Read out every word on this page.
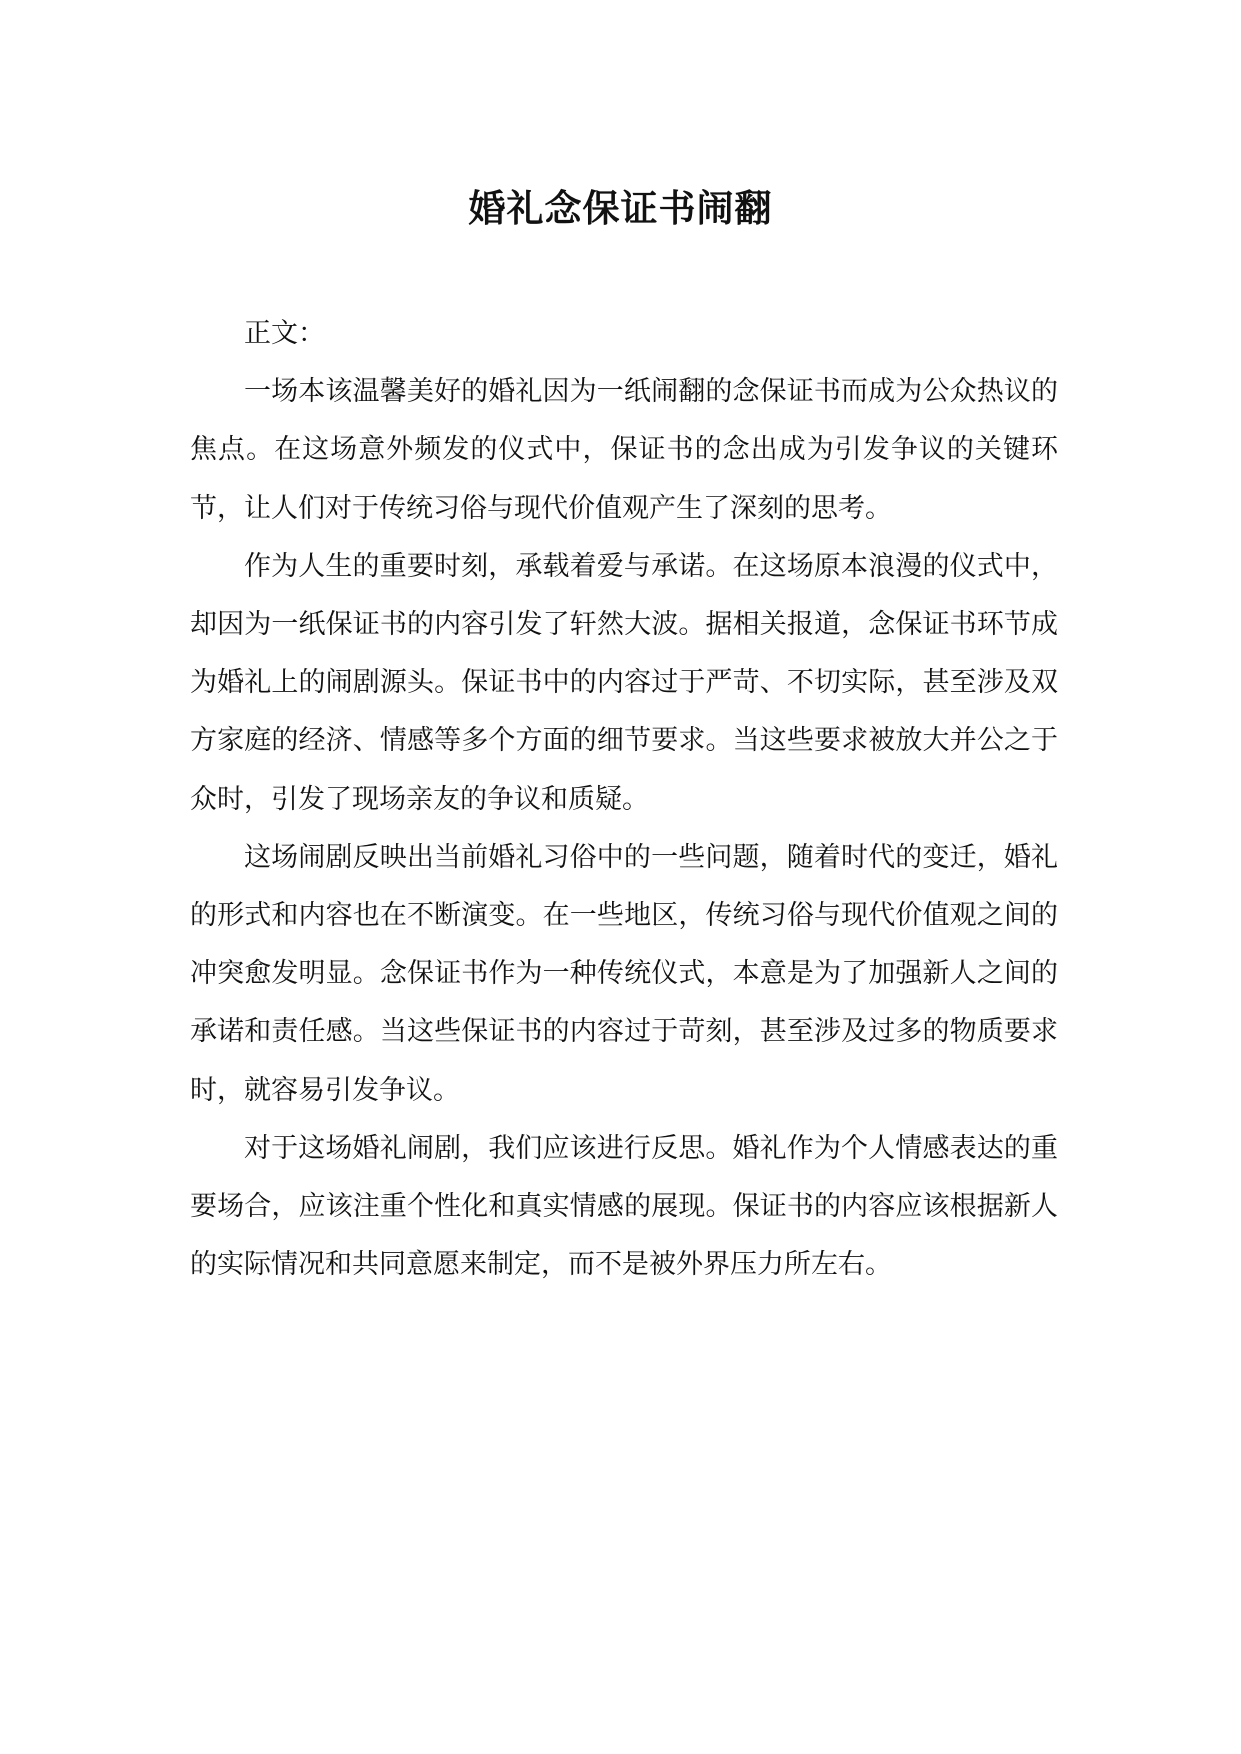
婚礼念保证书闹翻

正文：

一场本该温馨美好的婚礼因为一纸闹翻的念保证书而成为公众热议的焦点。在这场意外频发的仪式中，保证书的念出成为引发争议的关键环节，让人们对于传统习俗与现代价值观产生了深刻的思考。

作为人生的重要时刻，承载着爱与承诺。在这场原本浪漫的仪式中，却因为一纸保证书的内容引发了轩然大波。据相关报道，念保证书环节成为婚礼上的闹剧源头。保证书中的内容过于严苛、不切实际，甚至涉及双方家庭的经济、情感等多个方面的细节要求。当这些要求被放大并公之于众时，引发了现场亲友的争议和质疑。

这场闹剧反映出当前婚礼习俗中的一些问题，随着时代的变迁，婚礼的形式和内容也在不断演变。在一些地区，传统习俗与现代价值观之间的冲突愈发明显。念保证书作为一种传统仪式，本意是为了加强新人之间的承诺和责任感。当这些保证书的内容过于苛刻，甚至涉及过多的物质要求时，就容易引发争议。

对于这场婚礼闹剧，我们应该进行反思。婚礼作为个人情感表达的重要场合，应该注重个性化和真实情感的展现。保证书的内容应该根据新人的实际情况和共同意愿来制定，而不是被外界压力所左右。
